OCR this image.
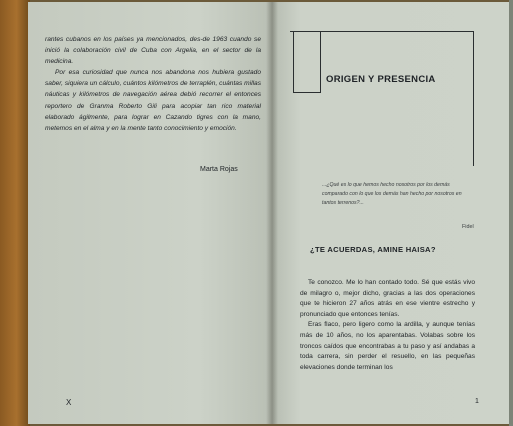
rantes cubanos en los países ya mencionados, des-de 1963 cuando se inició la colaboración civil de Cuba con Argelia, en el sector de la medicina.

Por esa curiosidad que nunca nos abandona nos hubiera gustado saber, siquiera un cálculo, cuántos kilómetros de terraplén, cuántas millas náuticas y kilómetros de navegación aérea debió recorrer el entonces reportero de Granma Roberto Gili para acopiar tan rico material elaborado ágilmente, para lograr en Cazando tigres con la mano, metemos en el alma y en la mente tanto conocimiento y emoción.

Marta Rojas
X
ORIGEN Y PRESENCIA
...¿Qué es lo que hemos hecho nosotros por los demás comparado con lo que los demás han hecho por nosotros en tantos terrenos?...
Fidel
¿TE ACUERDAS, AMINE HAISA?

Te conozco. Me lo han contado todo. Sé que estás vivo de milagro o, mejor dicho, gracias a las dos operaciones que te hicieron 27 años atrás en ese vientre estrecho y pronunciado que entonces tenías.

Eras flaco, pero ligero como la ardilla, y aunque tenías más de 10 años, no los aparentabas. Volabas sobre los troncos caídos que encontrabas a tu paso y así andabas a toda carrera, sin perder el resuello, en las pequeñas elevaciones donde terminan los

1
